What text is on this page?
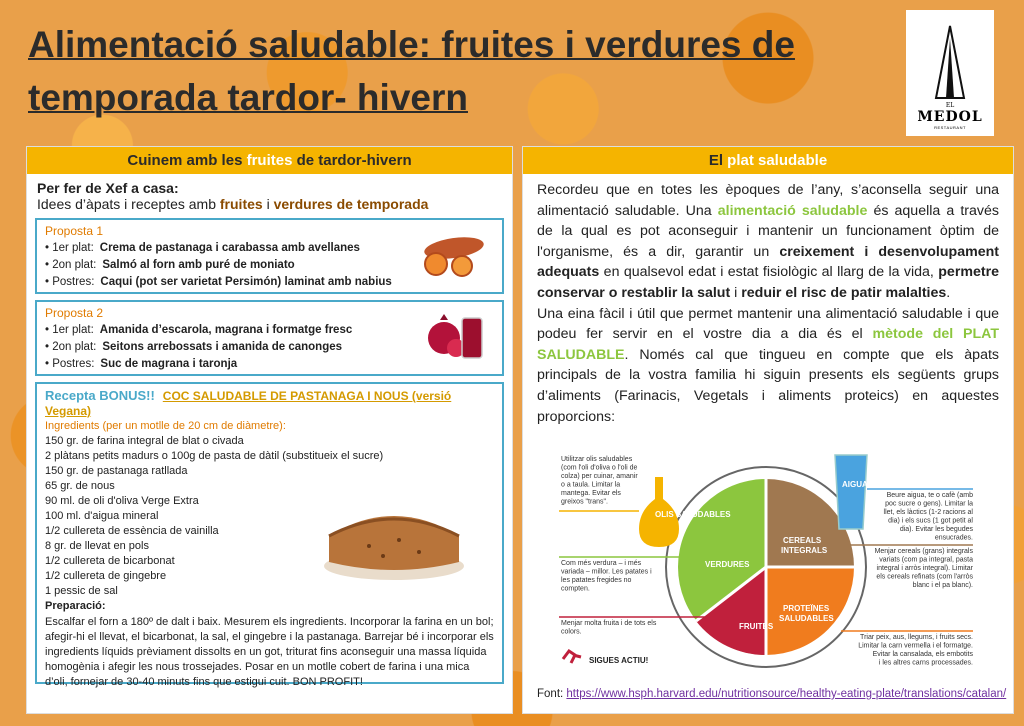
Alimentació saludable: fruites i verdures de
temporada tardor- hivern	EL
MEDOL
RESTAURANT
Cuinem amb les fruites de tardor-hivern
Per fer de Xef a casa:
Idees d’àpats i receptes amb fruites i verdures de temporada
Proposta 1
• 1er plat: Crema de pastanaga i carabassa amb avellanes
• 2on plat: Salmó al forn amb puré de moniato
• Postres: Caqui (pot ser varietat Persimón) laminat amb nabius
Proposta 2
• 1er plat: Amanida d’escarola, magrana i formatge fresc
• 2on plat: Seitons arrebossats i amanida de canonges
• Postres: Suc de magrana i taronja
Recepta BONUS!! COC SALUDABLE DE PASTANAGA I NOUS (versió Vegana)
Ingredients (per un motlle de 20 cm de diàmetre):
150 gr. de farina integral de blat o civada
2 plàtans petits madurs o 100g de pasta de dàtil (substitueix el sucre)
150 gr. de pastanaga ratllada
65 gr. de nous
90 ml. de oli d'oliva Verge Extra
100 ml. d'aigua mineral
1/2 cullereta de essència de vainilla
8 gr. de llevat en pols
1/2 cullereta de bicarbonat
1/2 cullereta de gingebre
1 pessic de sal
Preparació:
Escalfar el forn a 180º de dalt i baix. Mesurem els ingredients. Incorporar la farina en un bol; afegir-hi el llevat, el bicarbonat, la sal, el gingebre i la pastanaga. Barrejar bé i incorporar els ingredients líquids prèviament dissolts en un got, triturat fins aconseguir una massa líquida homogènia i afegir les nous trossejades. Posar en un motlle cobert de farina i una mica d’oli, fornejar de 30-40 minuts fins que estigui cuit. BON PROFIT!
El plat saludable
Recordeu que en totes les èpoques de l’any, s’aconsella seguir una alimentació saludable. Una alimentació saludable és aquella a través de la qual es pot aconseguir i mantenir un funcionament òptim de l'organisme, és a dir, garantir un creixement i desenvolupament adequats en qualsevol edat i estat fisiològic al llarg de la vida, permetre conservar o restablir la salut i reduir el risc de patir malalties.
Una eina fàcil i útil que permet mantenir una alimentació saludable i que podeu fer servir en el vostre dia a dia és el mètode del PLAT SALUDABLE. Només cal que tingueu en compte que els àpats principals de la vostra familia hi siguin presents els següents grups d’aliments (Farinacis, Vegetals i aliments proteics) en aquestes proporcions:
OLIS SALUDABLES
AIGUA
VERDURES
CEREALS
INTEGRALS
FRUITES
PROTEÏNES
SALUDABLES
Utilitzar olis saludables
(com l'oli d'oliva o l'oli de
colza) per cuinar, amanir
o a taula. Limitar la
mantega. Evitar els
greixos "trans".
Com més verdura – i més
variada – millor. Les patates i
les patates fregides no
compten.
Menjar molta fruita i de tots els
colors.
Beure aigua, te o cafè (amb
poc sucre o gens). Limitar la
llet, els làctics (1-2 racions al
dia) i els sucs (1 got petit al
dia). Evitar les begudes
ensucrades.
Menjar cereals (grans) integrals
variats (com pa integral, pasta
integral i arròs integral). Limitar
els cereals refinats (com l'arròs
blanc i el pa blanc).
Triar peix, aus, llegums, i fruits secs.
Limitar la carn vermella i el formatge.
Evitar la cansalada, els embotits
i les altres carns processades.
SIGUES ACTIU!
Font: https://www.hsph.harvard.edu/nutritionsource/healthy-eating-plate/translations/catalan/
